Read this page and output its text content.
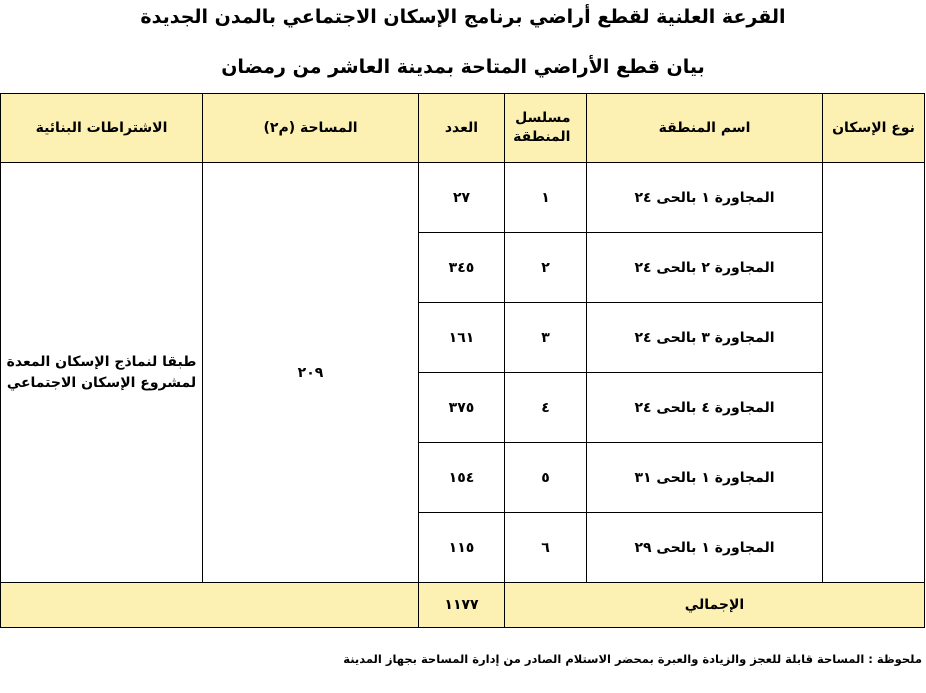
القرعة العلنية لقطع أراضي برنامج الإسكان الاجتماعي بالمدن الجديدة
بيان قطع الأراضي المتاحة بمدينة العاشر من رمضان
نوع الإسكان	اسم المنطقة	مسلسل المنطقة	العدد	المساحة (م٢)	الاشتراطات البنائية
	المجاورة ١ بالحى ٢٤	١	٢٧	٢٠٩	طبقا لنماذج الإسكان المعدة
لمشروع الإسكان الاجتماعي

	المجاورة ٢ بالحى ٢٤	٢	٣٤٥		
	المجاورة ٣ بالحى ٢٤	٣	١٦١		
	المجاورة ٤ بالحى ٢٤	٤	٣٧٥		
	المجاورة ١ بالحى ٣١	٥	١٥٤		
	المجاورة ١ بالحى ٢٩	٦	١١٥		
الإجمالي			١١٧٧		
ملحوظة : المساحة قابلة للعجز والزيادة والعبرة بمحضر الاستلام الصادر من إدارة المساحة بجهاز المدينة
